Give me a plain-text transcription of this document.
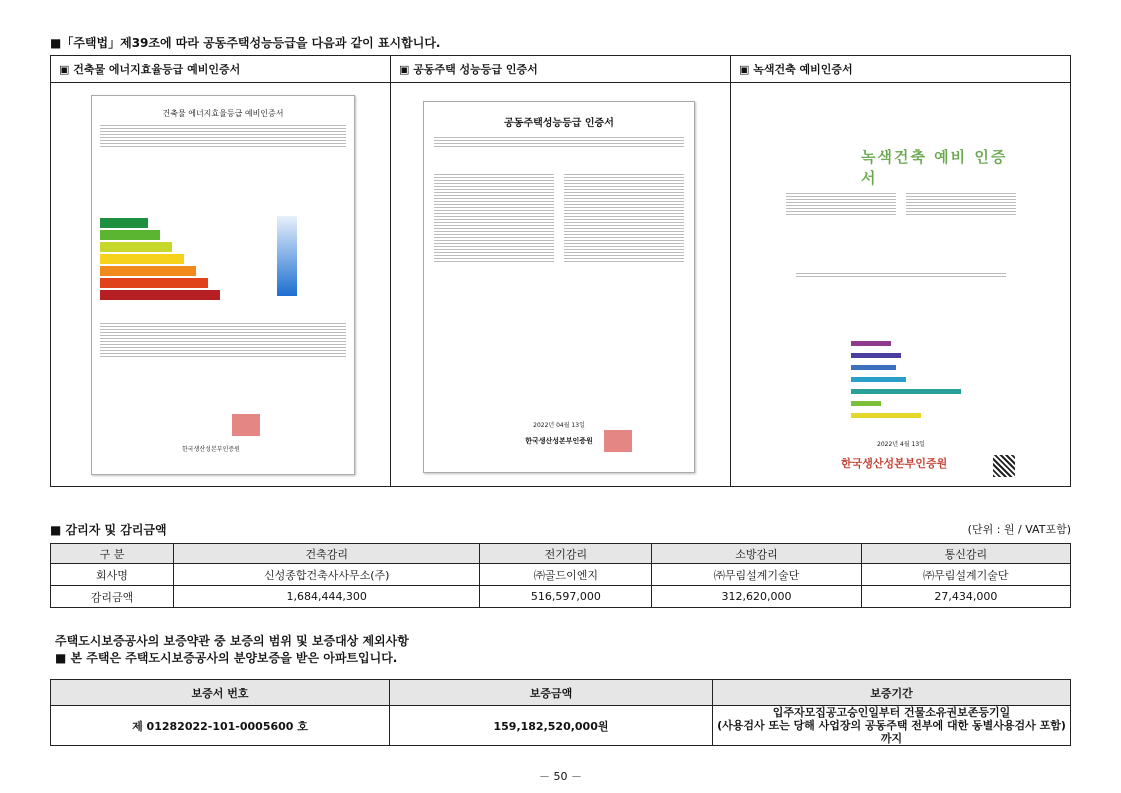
■「주택법」제39조에 따라 공동주택성능등급을 다음과 같이 표시합니다.
▣ 건축물 에너지효율등급 예비인증서
건축물 에너지효율등급 예비인증서
한국생산성본부인증원
▣ 공동주택 성능등급 인증서
공동주택성능등급 인증서
2022년 04월 13일
한국생산성본부인증원
▣ 녹색건축 예비인증서
녹색건축 예비 인증서
2022년 4월 13일
한국생산성본부인증원
■ 감리자 및 감리금액	(단위 : 원 / VAT포함)
구 분	건축감리	전기감리	소방감리	통신감리
회사명	신성종합건축사사무소(주)	㈜골드이엔지	㈜무림설계기술단	㈜무림설계기술단
감리금액	1,684,444,300	516,597,000	312,620,000	27,434,000
주택도시보증공사의 보증약관 중 보증의 범위 및 보증대상 제외사항
■ 본 주택은 주택도시보증공사의 분양보증을 받은 아파트입니다.
보증서 번호	보증금액	보증기간
제 01282022-101-0005600 호	159,182,520,000원	입주자모집공고승인일부터 건물소유권보존등기일
(사용검사 또는 당해 사업장의 공동주택 전부에 대한 동별사용검사 포함)까지
－ 50 －
